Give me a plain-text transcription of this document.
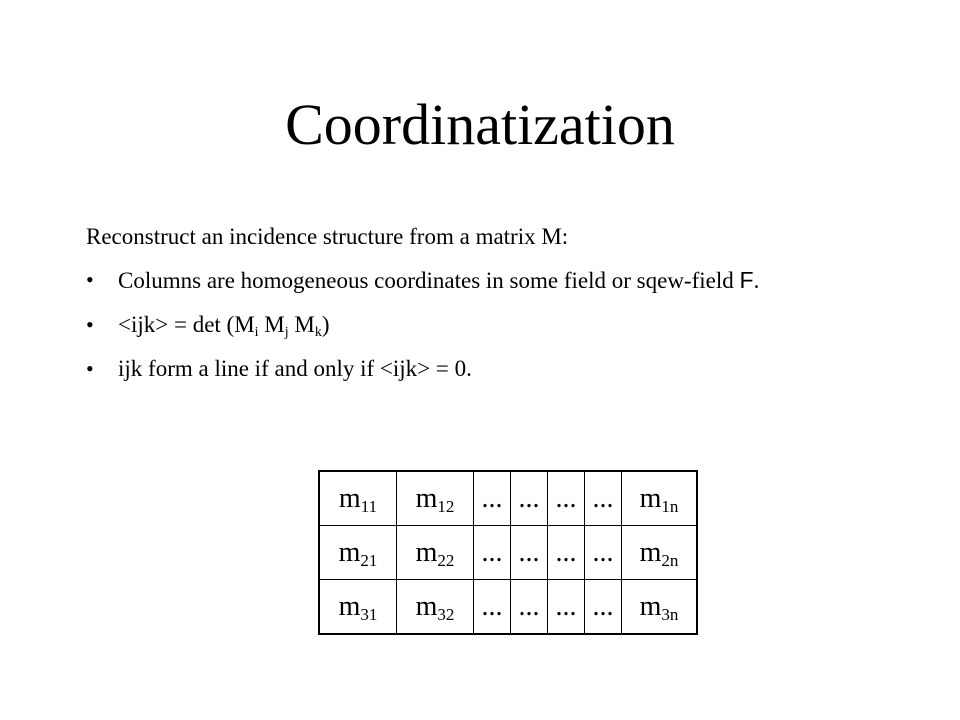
Coordinatization
Reconstruct an incidence structure from a matrix M:
• Columns are homogeneous coordinates in some field or sqew-field F.
• $<ijk> = \det (M_i$ $M_j$ $M_k$)
• ijk form a line if and only if <ijk> = 0.
$m_{11}$	$m_{12}$	...	...	...	...	$m_{1n}$
$m_{21}$	$m_{22}$	...	...	...	...	$m_{2n}$
$m_{31}$	$m_{32}$	...	...	...	...	$m_{3n}$
